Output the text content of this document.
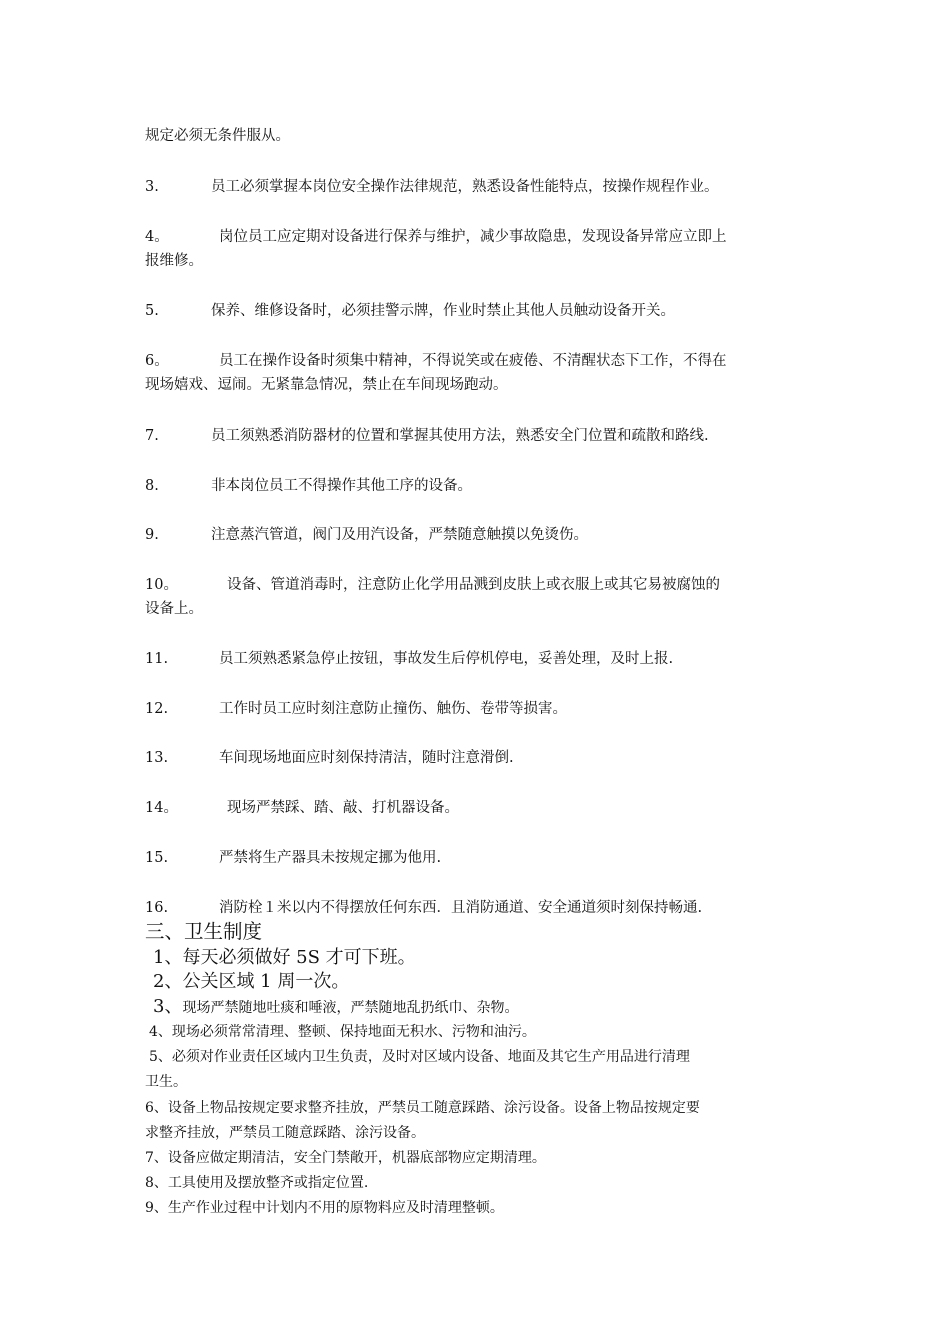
规定必须无条件服从。
3.	员工必须掌握本岗位安全操作法律规范，熟悉设备性能特点，按操作规程作业。
4。	岗位员工应定期对设备进行保养与维护，减少事故隐患，发现设备异常应立即上
报维修。
5.	保养、维修设备时，必须挂警示牌，作业时禁止其他人员触动设备开关。
6。	员工在操作设备时须集中精神，不得说笑或在疲倦、不清醒状态下工作，不得在
现场嬉戏、逗闹。无紧靠急情况，禁止在车间现场跑动。
7.	员工须熟悉消防器材的位置和掌握其使用方法，熟悉安全门位置和疏散和路线.
8.	非本岗位员工不得操作其他工序的设备。
9.	注意蒸汽管道，阀门及用汽设备，严禁随意触摸以免烫伤。
10。	设备、管道消毒时，注意防止化学用品溅到皮肤上或衣服上或其它易被腐蚀的
设备上。
11.	员工须熟悉紧急停止按钮，事故发生后停机停电，妥善处理，及时上报.
12.	工作时员工应时刻注意防止撞伤、触伤、卷带等损害。
13.	车间现场地面应时刻保持清洁，随时注意滑倒.
14。	现场严禁踩、踏、敲、打机器设备。
15.	严禁将生产器具未按规定挪为他用.
16.	消防栓１米以内不得摆放任何东西．且消防通道、安全通道须时刻保持畅通.
三、卫生制度
1、每天必须做好 5S 才可下班。
2、公关区域 1 周一次。
3、现场严禁随地吐痰和唾液，严禁随地乱扔纸巾、杂物。
4、现场必须常常清理、整顿、保持地面无积水、污物和油污。
5、必须对作业责任区域内卫生负责，及时对区域内设备、地面及其它生产用品进行清理
卫生。
6、设备上物品按规定要求整齐挂放，严禁员工随意踩踏、涂污设备。设备上物品按规定要
求整齐挂放，严禁员工随意踩踏、涂污设备。
7、设备应做定期清洁，安全门禁敞开，机器底部物应定期清理。
8、工具使用及摆放整齐或指定位置.
9、生产作业过程中计划内不用的原物料应及时清理整顿。
